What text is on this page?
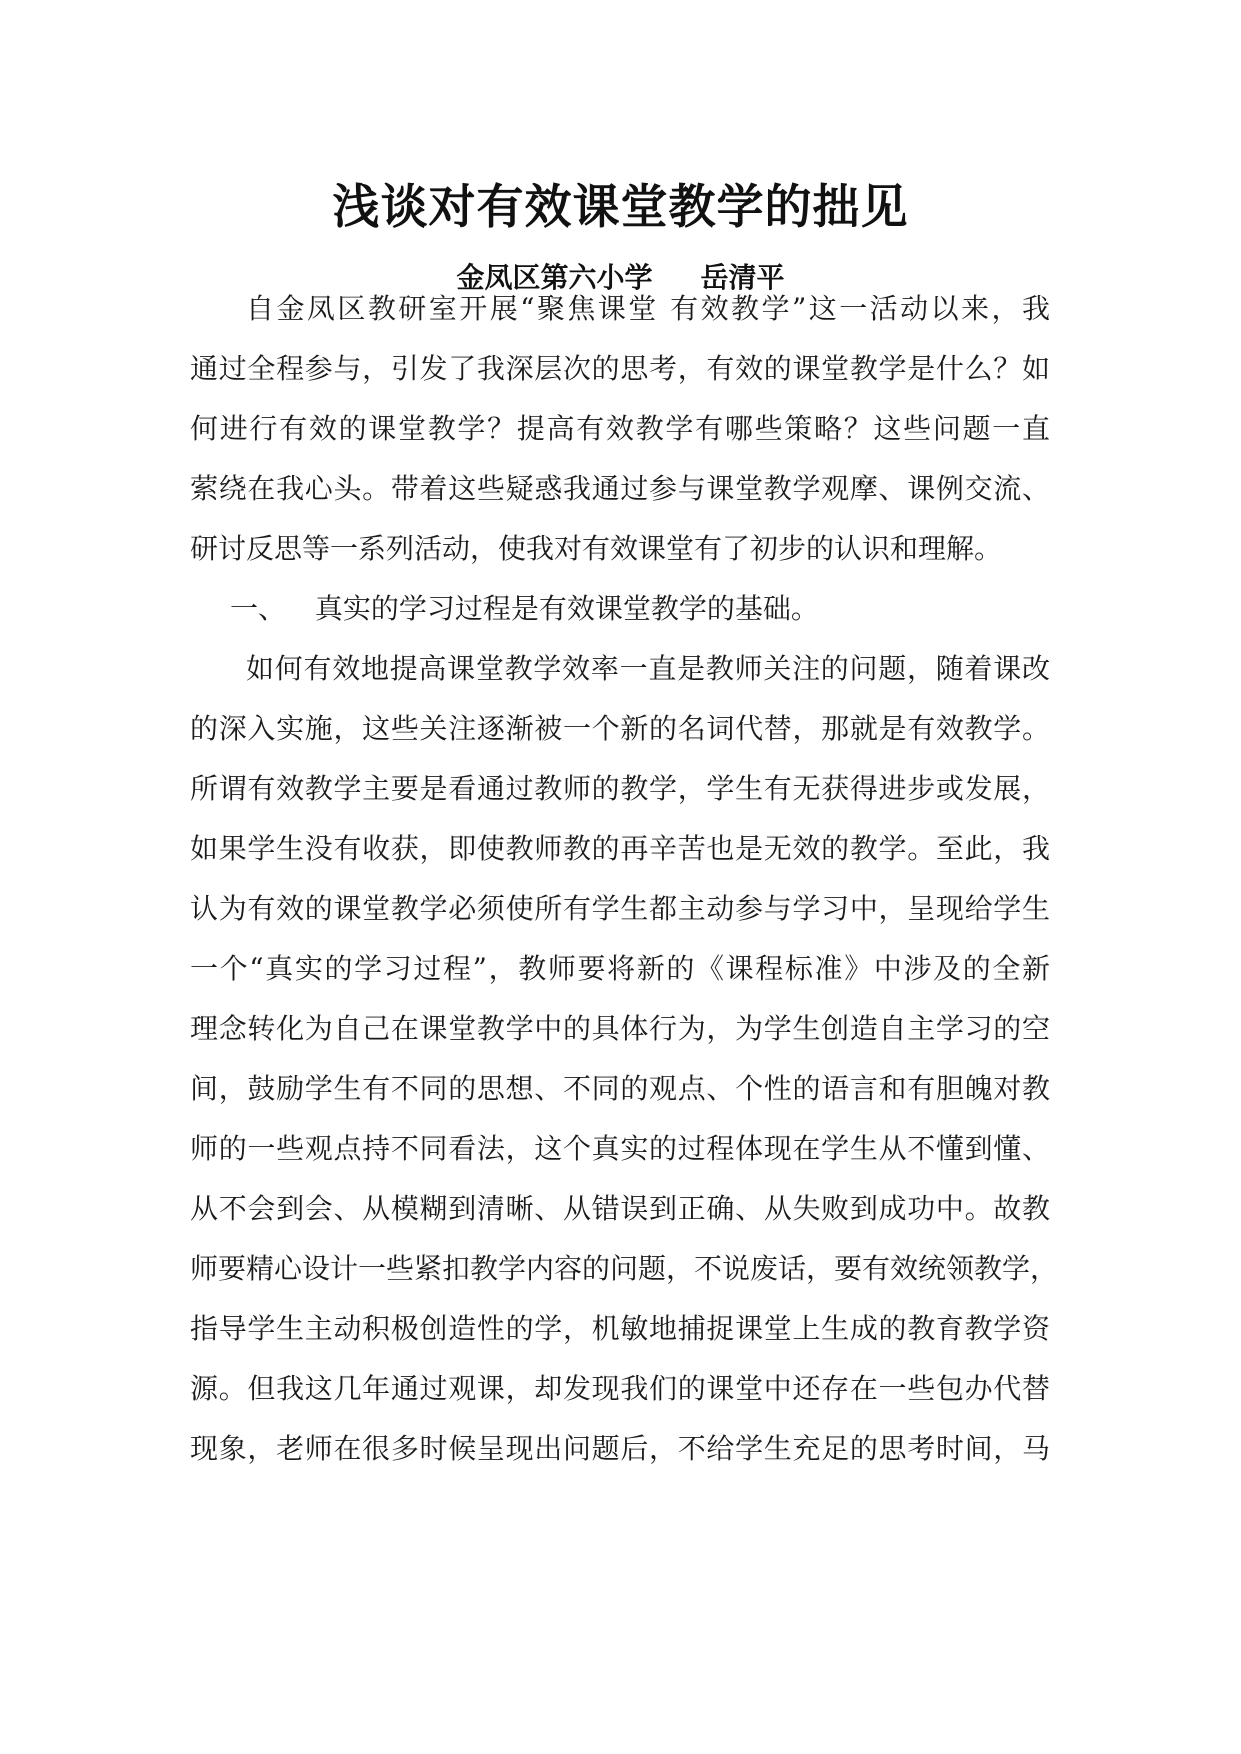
浅谈对有效课堂教学的拙见

金凤区第六小学 岳清平

自金凤区教研室开展“聚焦课堂 有效教学”这一活动以来，我

通过全程参与，引发了我深层次的思考，有效的课堂教学是什么？如

何进行有效的课堂教学？提高有效教学有哪些策略？这些问题一直

萦绕在我心头。带着这些疑惑我通过参与课堂教学观摩、课例交流、

研讨反思等一系列活动，使我对有效课堂有了初步的认识和理解。

一、 真实的学习过程是有效课堂教学的基础。

如何有效地提高课堂教学效率一直是教师关注的问题，随着课改

的深入实施，这些关注逐渐被一个新的名词代替，那就是有效教学。

所谓有效教学主要是看通过教师的教学，学生有无获得进步或发展，

如果学生没有收获，即使教师教的再辛苦也是无效的教学。至此，我

认为有效的课堂教学必须使所有学生都主动参与学习中，呈现给学生

一个“真实的学习过程”，教师要将新的《课程标准》中涉及的全新

理念转化为自己在课堂教学中的具体行为，为学生创造自主学习的空

间，鼓励学生有不同的思想、不同的观点、个性的语言和有胆魄对教

师的一些观点持不同看法，这个真实的过程体现在学生从不懂到懂、

从不会到会、从模糊到清晰、从错误到正确、从失败到成功中。故教

师要精心设计一些紧扣教学内容的问题，不说废话，要有效统领教学，

指导学生主动积极创造性的学，机敏地捕捉课堂上生成的教育教学资

源。但我这几年通过观课，却发现我们的课堂中还存在一些包办代替

现象，老师在很多时候呈现出问题后，不给学生充足的思考时间，马
